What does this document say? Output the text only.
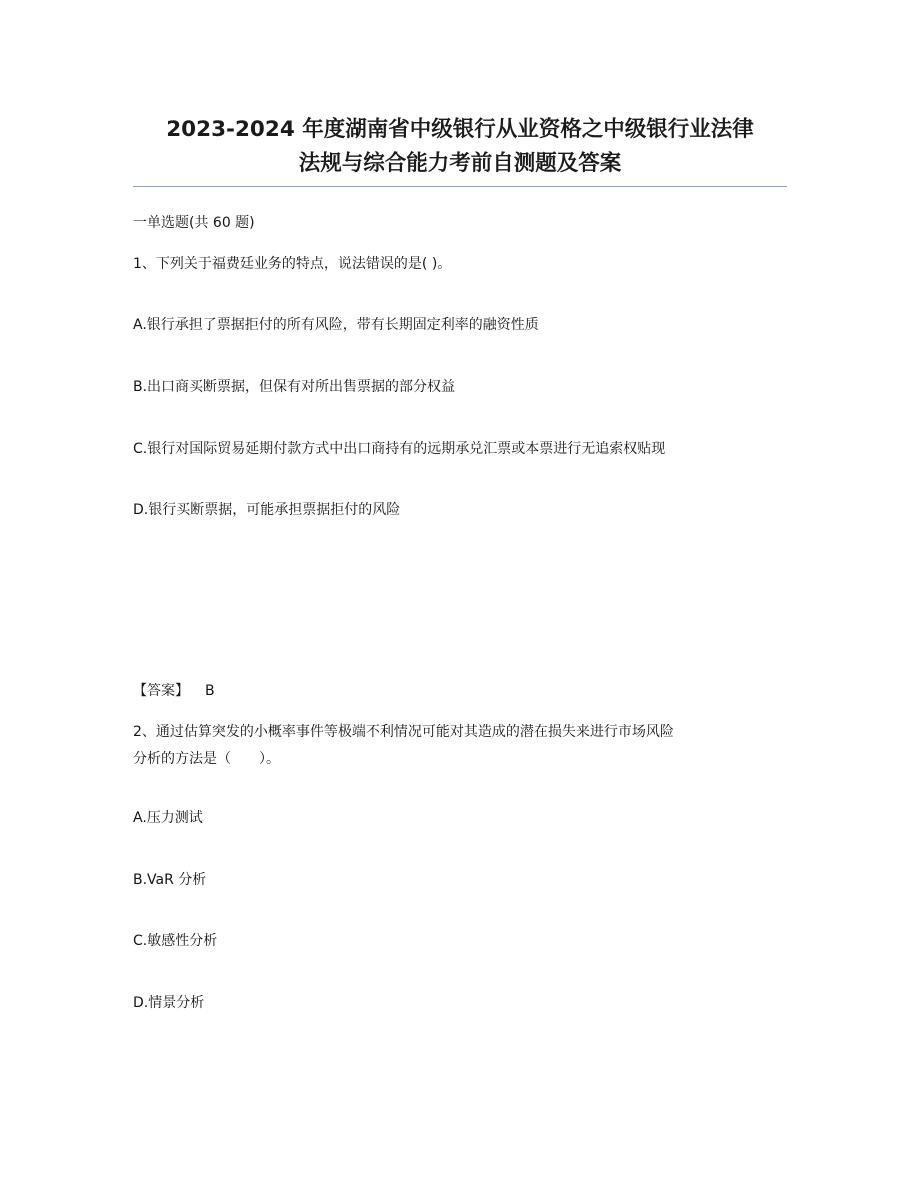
2023-2024 年度湖南省中级银行从业资格之中级银行业法律
法规与综合能力考前自测题及答案
一单选题(共 60 题)
1、下列关于福费廷业务的特点，说法错误的是( )。
A.银行承担了票据拒付的所有风险，带有长期固定利率的融资性质
B.出口商买断票据，但保有对所出售票据的部分权益
C.银行对国际贸易延期付款方式中出口商持有的远期承兑汇票或本票进行无追索权贴现
D.银行买断票据，可能承担票据拒付的风险
【答案】 B
2、通过估算突发的小概率事件等极端不利情况可能对其造成的潜在损失来进行市场风险
分析的方法是（　　）。
A.压力测试
B.VaR 分析
C.敏感性分析
D.情景分析
